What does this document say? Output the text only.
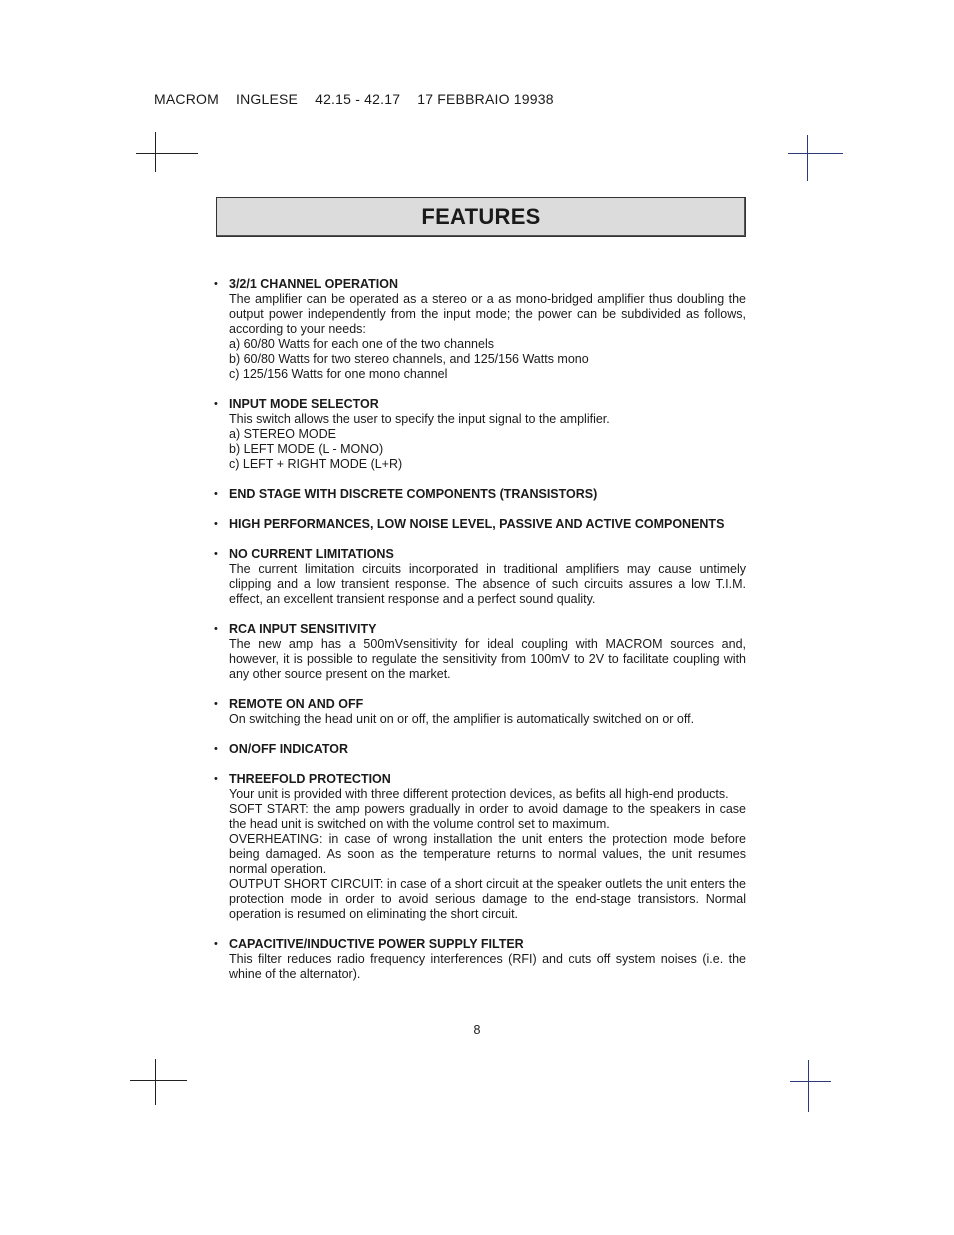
MACROM INGLESE 42.15 - 42.17 17 FEBBRAIO 19938
FEATURES
• 3/2/1 CHANNEL OPERATION
The amplifier can be operated as a stereo or a as mono-bridged amplifier thus doubling the output power independently from the input mode; the power can be subdivided as follows, according to your needs:
a) 60/80 Watts for each one of the two channels
b) 60/80 Watts for two stereo channels, and 125/156 Watts mono
c) 125/156 Watts for one mono channel
• INPUT MODE SELECTOR
This switch allows the user to specify the input signal to the amplifier.
a) STEREO MODE
b) LEFT MODE (L - MONO)
c) LEFT + RIGHT MODE (L+R)
• END STAGE WITH DISCRETE COMPONENTS (TRANSISTORS)
• HIGH PERFORMANCES, LOW NOISE LEVEL, PASSIVE AND ACTIVE COMPONENTS
• NO CURRENT LIMITATIONS
The current limitation circuits incorporated in traditional amplifiers may cause untimely clipping and a low transient response. The absence of such circuits assures a low T.I.M. effect, an excellent transient response and a perfect sound quality.
• RCA INPUT SENSITIVITY
The new amp has a 500mVsensitivity for ideal coupling with MACROM sources and, however, it is possible to regulate the sensitivity from 100mV to 2V to facilitate coupling with any other source present on the market.
• REMOTE ON AND OFF
On switching the head unit on or off, the amplifier is automatically switched on or off.
• ON/OFF INDICATOR
• THREEFOLD PROTECTION
Your unit is provided with three different protection devices, as befits all high-end products.
SOFT START: the amp powers gradually in order to avoid damage to the speakers in case the head unit is switched on with the volume control set to maximum.
OVERHEATING: in case of wrong installation the unit enters the protection mode before being damaged. As soon as the temperature returns to normal values, the unit resumes normal operation.
OUTPUT SHORT CIRCUIT: in case of a short circuit at the speaker outlets the unit enters the protection mode in order to avoid serious damage to the end-stage transistors. Normal operation is resumed on eliminating the short circuit.
• CAPACITIVE/INDUCTIVE POWER SUPPLY FILTER
This filter reduces radio frequency interferences (RFI) and cuts off system noises (i.e. the whine of the alternator).
8
